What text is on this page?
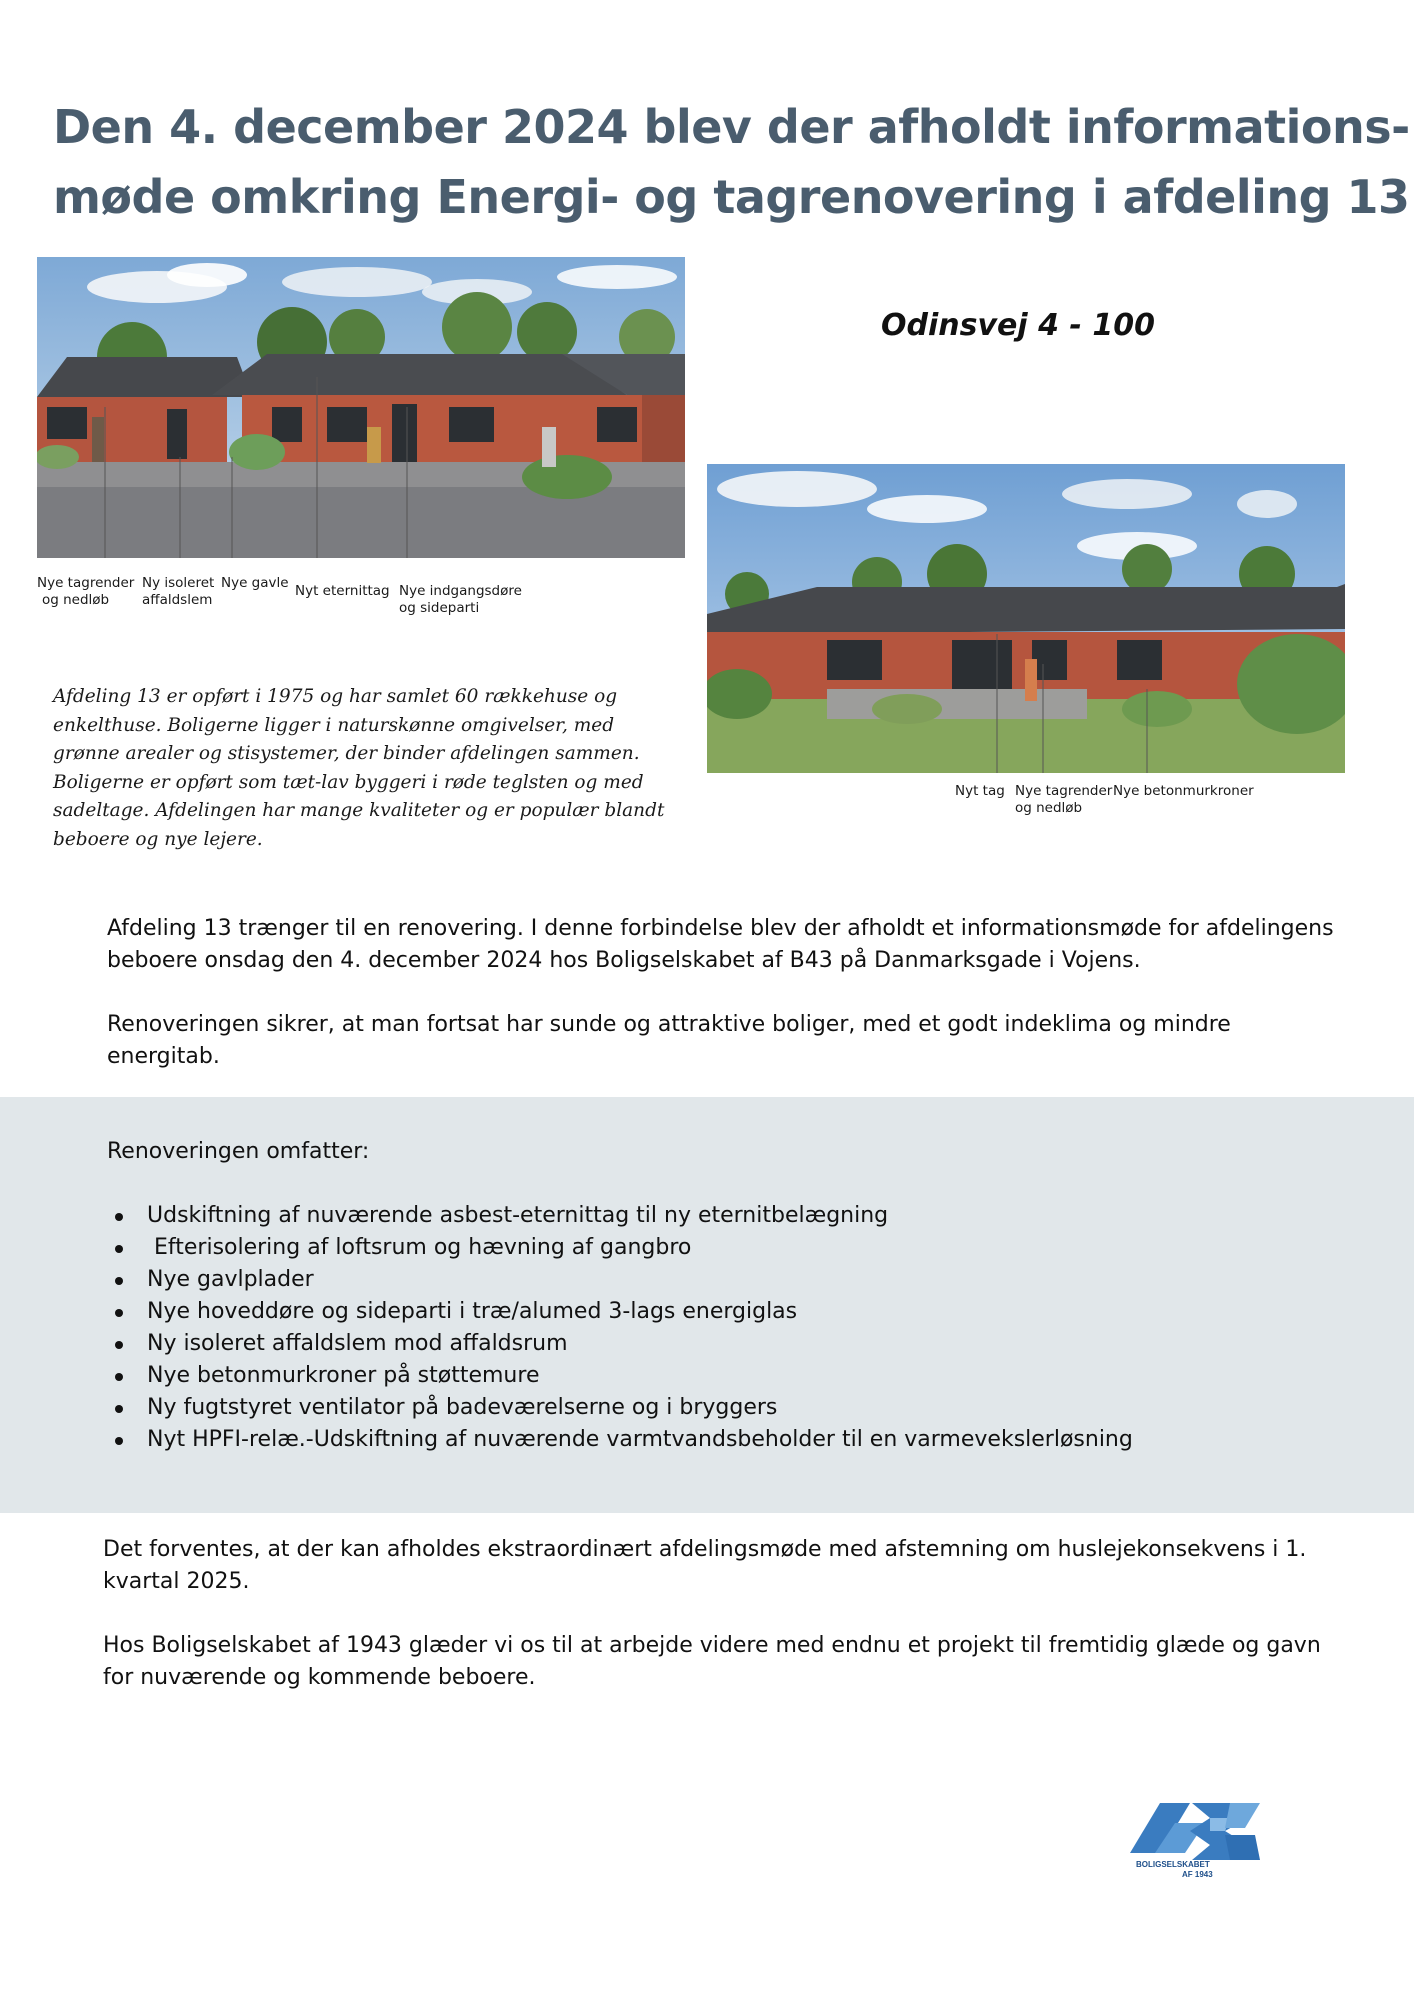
Den 4. december 2024 blev der afholdt informations-
møde omkring Energi- og tagrenovering i afdeling 13
Nye tagrender
og nedløb
Ny isoleret
affaldslem
Nye gavle Nyt eternittag Nye indgangsdøre
og sideparti
Odinsvej 4 - 100
Nyt tag Nye tagrender
og nedløb
Nye betonmurkroner

Afdeling 13 er opført i 1975 og har samlet 60 rækkehuse og enkelthuse. Boligerne ligger i naturskønne omgivelser, med grønne arealer og stisystemer, der binder afdelingen sammen. Boligerne er opført som tæt-lav byggeri i røde teglsten og med sadeltage. Afdelingen har mange kvaliteter og er populær blandt beboere og nye lejere.

Afdeling 13 trænger til en renovering. I denne forbindelse blev der afholdt et informationsmøde for afdelingens beboere onsdag den 4. december 2024 hos Boligselskabet af B43 på Danmarksgade i Vojens.

Renoveringen sikrer, at man fortsat har sunde og attraktive boliger, med et godt indeklima og mindre energitab.

Renoveringen omfatter:
Udskiftning af nuværende asbest-eternittag til ny eternitbelægning
Efterisolering af loftsrum og hævning af gangbro
Nye gavlplader
Nye hoveddøre og sideparti i træ/alumed 3-lags energiglas
Ny isoleret affaldslem mod affaldsrum
Nye betonmurkroner på støttemure
Ny fugtstyret ventilator på badeværelserne og i bryggers
Nyt HPFI-relæ.-Udskiftning af nuværende varmtvandsbeholder til en varmevekslerløsning

Det forventes, at der kan afholdes ekstraordinært afdelingsmøde med afstemning om huslejekonsekvens i 1. kvartal 2025.

Hos Boligselskabet af 1943 glæder vi os til at arbejde videre med endnu et projekt til fremtidig glæde og gavn for nuværende og kommende beboere.

BOLIGSELSKABET
AF 1943
